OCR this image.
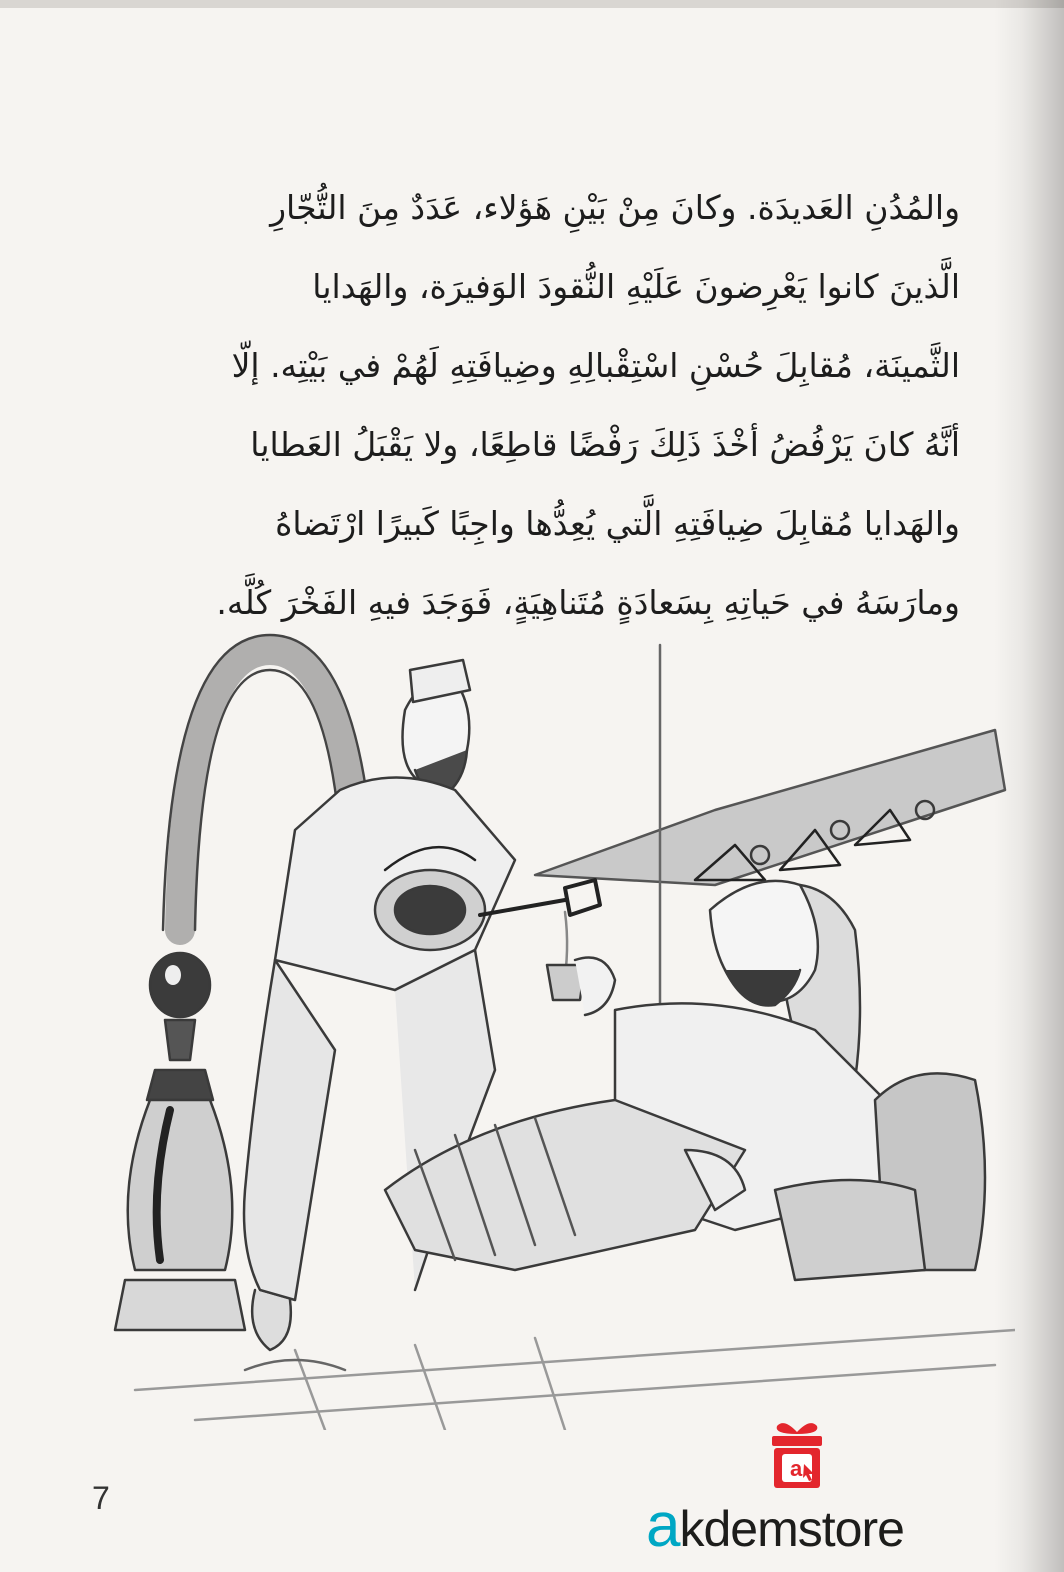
والمُدُنِ العَديدَة. وكانَ مِنْ بَيْنِ هَؤلاء، عَدَدٌ مِنَ التُّجّارِ
الَّذينَ كانوا يَعْرِضونَ عَلَيْهِ النُّقودَ الوَفيرَة، والهَدايا
الثَّمينَة، مُقابِلَ حُسْنِ اسْتِقْبالِهِ وضِيافَتِهِ لَهُمْ في بَيْتِه. إلّا
أنَّهُ كانَ يَرْفُضُ أخْذَ ذَلِكَ رَفْضًا قاطِعًا، ولا يَقْبَلُ العَطايا
والهَدايا مُقابِلَ ضِيافَتِهِ الَّتي يُعِدُّها واجِبًا كَبيرًا ارْتَضاهُ
ومارَسَهُ في حَياتِهِ بِسَعادَةٍ مُتَناهِيَةٍ، فَوَجَدَ فيهِ الفَخْرَ كُلَّه.
7
a
akdemstore
